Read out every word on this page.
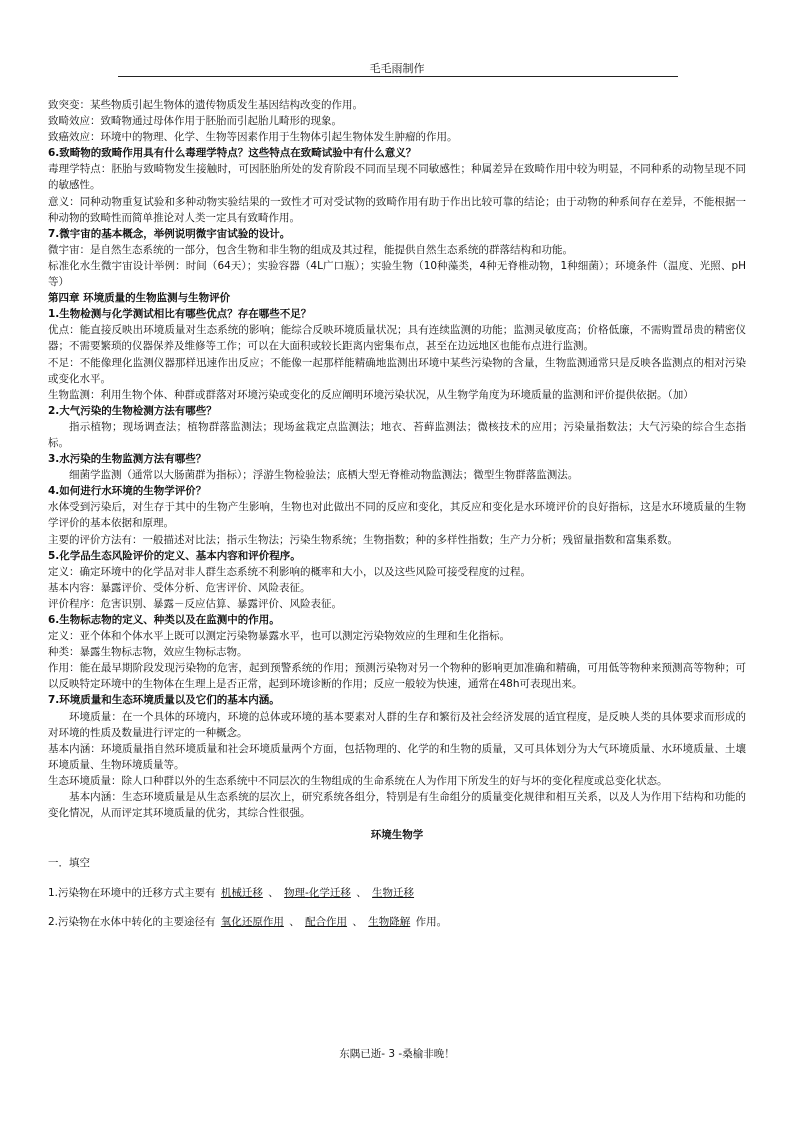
毛毛雨制作

致突变：某些物质引起生物体的遗传物质发生基因结构改变的作用。

致畸效应：致畸物通过母体作用于胚胎而引起胎儿畸形的现象。

致癌效应：环境中的物理、化学、生物等因素作用于生物体引起生物体发生肿瘤的作用。

6.致畸物的致畸作用具有什么毒理学特点？这些特点在致畸试验中有什么意义？

毒理学特点：胚胎与致畸物发生接触时，可因胚胎所处的发育阶段不同而呈现不同敏感性；种属差异在致畸作用中较为明显，不同种系的动物呈现不同的敏感性。

意义：同种动物重复试验和多种动物实验结果的一致性才可对受试物的致畸作用有助于作出比较可靠的结论；由于动物的种系间存在差异，不能根据一种动物的致畸性而简单推论对人类一定具有致畸作用。

7.微宇宙的基本概念，举例说明微宇宙试验的设计。

微宇宙：是自然生态系统的一部分，包含生物和非生物的组成及其过程，能提供自然生态系统的群落结构和功能。

标准化水生微宇宙设计举例：时间（64天）；实验容器（4L广口瓶）；实验生物（10种藻类，4种无脊椎动物，1种细菌）；环境条件（温度、光照、pH等）

第四章 环境质量的生物监测与生物评价

1.生物检测与化学测试相比有哪些优点？存在哪些不足？

优点：能直接反映出环境质量对生态系统的影响；能综合反映环境质量状况；具有连续监测的功能；监测灵敏度高；价格低廉，不需购置昂贵的精密仪器；不需要繁琐的仪器保养及维修等工作；可以在大面积或较长距离内密集布点，甚至在边远地区也能布点进行监测。

不足：不能像理化监测仪器那样迅速作出反应；不能像一起那样能精确地监测出环境中某些污染物的含量，生物监测通常只是反映各监测点的相对污染或变化水平。

生物监测：利用生物个体、种群或群落对环境污染或变化的反应阐明环境污染状况，从生物学角度为环境质量的监测和评价提供依据。（加）

2.大气污染的生物检测方法有哪些？

指示植物；现场调查法；植物群落监测法；现场盆栽定点监测法；地衣、苔藓监测法；微核技术的应用；污染量指数法；大气污染的综合生态指标。

3.水污染的生物监测方法有哪些？

细菌学监测（通常以大肠菌群为指标）；浮游生物检验法；底栖大型无脊椎动物监测法；微型生物群落监测法。

4.如何进行水环境的生物学评价？

水体受到污染后，对生存于其中的生物产生影响，生物也对此做出不同的反应和变化，其反应和变化是水环境评价的良好指标，这是水环境质量的生物学评价的基本依据和原理。

主要的评价方法有：一般描述对比法；指示生物法；污染生物系统；生物指数；种的多样性指数；生产力分析；残留量指数和富集系数。

5.化学品生态风险评价的定义、基本内容和评价程序。

定义：确定环境中的化学品对非人群生态系统不利影响的概率和大小，以及这些风险可接受程度的过程。

基本内容：暴露评价、受体分析、危害评价、风险表征。

评价程序：危害识别、暴露－反应估算、暴露评价、风险表征。

6.生物标志物的定义、种类以及在监测中的作用。

定义：亚个体和个体水平上既可以测定污染物暴露水平，也可以测定污染物效应的生理和生化指标。

种类：暴露生物标志物，效应生物标志物。

作用：能在最早期阶段发现污染物的危害，起到预警系统的作用；预测污染物对另一个物种的影响更加准确和精确，可用低等物种来预测高等物种；可以反映特定环境中的生物体在生理上是否正常，起到环境诊断的作用；反应一般较为快速，通常在48h可表现出来。

7.环境质量和生态环境质量以及它们的基本内涵。

环境质量：在一个具体的环境内，环境的总体或环境的基本要素对人群的生存和繁衍及社会经济发展的适宜程度，是反映人类的具体要求而形成的对环境的性质及数量进行评定的一种概念。

基本内涵：环境质量指自然环境质量和社会环境质量两个方面，包括物理的、化学的和生物的质量，又可具体划分为大气环境质量、水环境质量、土壤环境质量、生物环境质量等。

生态环境质量：除人口种群以外的生态系统中不同层次的生物组成的生命系统在人为作用下所发生的好与坏的变化程度或总变化状态。

基本内涵：生态环境质量是从生态系统的层次上，研究系统各组分，特别是有生命组分的质量变化规律和相互关系，以及人为作用下结构和功能的变化情况，从而评定其环境质量的优劣，其综合性很强。

环境生物学

一．填空

1.污染物在环境中的迁移方式主要有 机械迁移 、 物理-化学迁移 、 生物迁移

2.污染物在水体中转化的主要途径有 氧化还原作用 、 配合作用 、 生物降解 作用。

东隅已逝- 3 -桑榆非晚！
